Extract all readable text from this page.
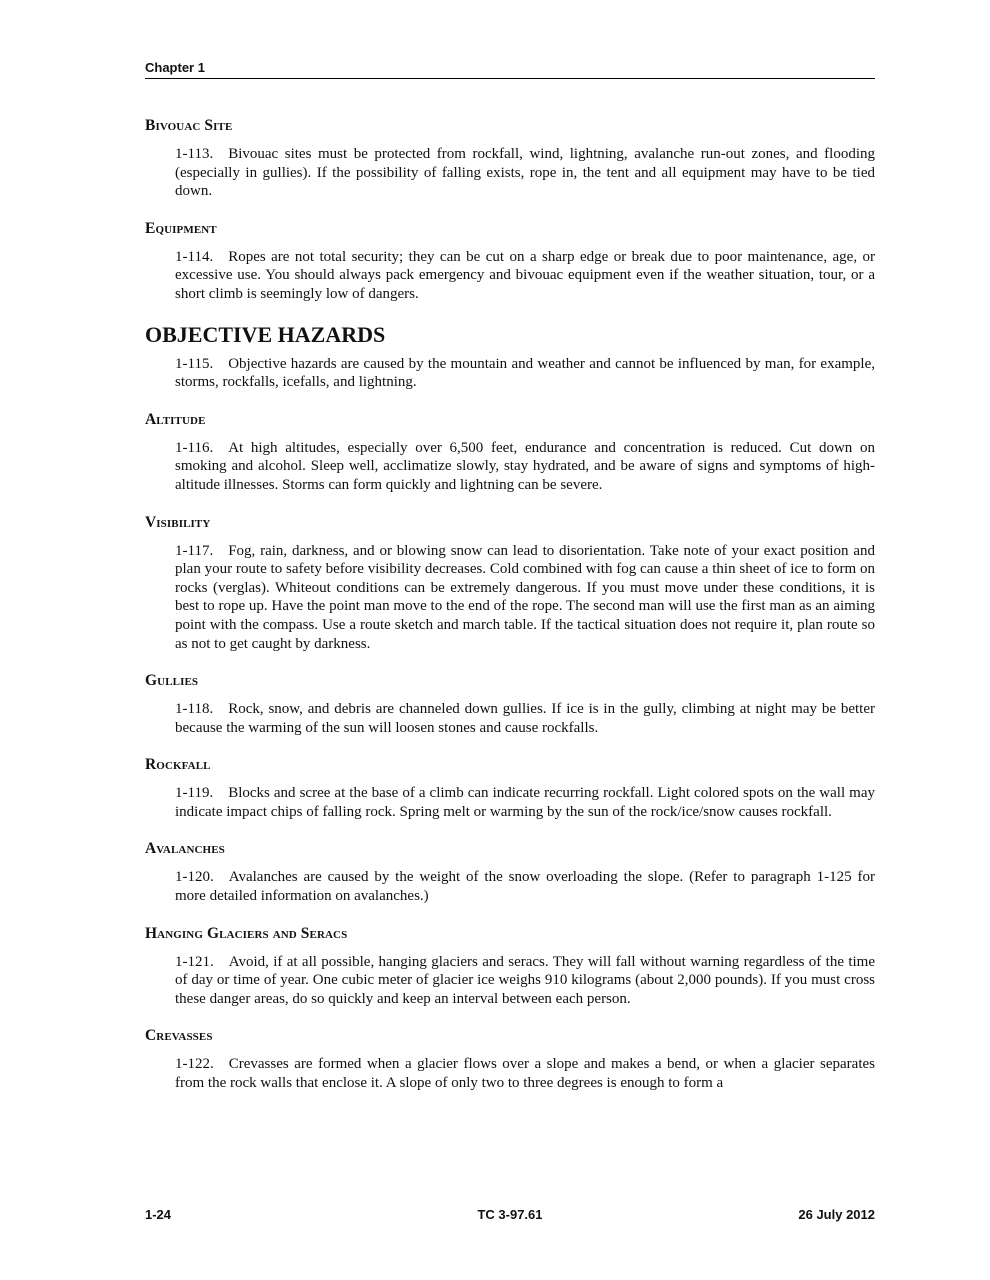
Chapter 1
Bivouac Site

1-113. Bivouac sites must be protected from rockfall, wind, lightning, avalanche run-out zones, and flooding (especially in gullies). If the possibility of falling exists, rope in, the tent and all equipment may have to be tied down.

Equipment

1-114. Ropes are not total security; they can be cut on a sharp edge or break due to poor maintenance, age, or excessive use. You should always pack emergency and bivouac equipment even if the weather situation, tour, or a short climb is seemingly low of dangers.

OBJECTIVE HAZARDS

1-115. Objective hazards are caused by the mountain and weather and cannot be influenced by man, for example, storms, rockfalls, icefalls, and lightning.

Altitude

1-116. At high altitudes, especially over 6,500 feet, endurance and concentration is reduced. Cut down on smoking and alcohol. Sleep well, acclimatize slowly, stay hydrated, and be aware of signs and symptoms of high-altitude illnesses. Storms can form quickly and lightning can be severe.

Visibility

1-117. Fog, rain, darkness, and or blowing snow can lead to disorientation. Take note of your exact position and plan your route to safety before visibility decreases. Cold combined with fog can cause a thin sheet of ice to form on rocks (verglas). Whiteout conditions can be extremely dangerous. If you must move under these conditions, it is best to rope up. Have the point man move to the end of the rope. The second man will use the first man as an aiming point with the compass. Use a route sketch and march table. If the tactical situation does not require it, plan route so as not to get caught by darkness.

Gullies

1-118. Rock, snow, and debris are channeled down gullies. If ice is in the gully, climbing at night may be better because the warming of the sun will loosen stones and cause rockfalls.

Rockfall

1-119. Blocks and scree at the base of a climb can indicate recurring rockfall. Light colored spots on the wall may indicate impact chips of falling rock. Spring melt or warming by the sun of the rock/ice/snow causes rockfall.

Avalanches

1-120. Avalanches are caused by the weight of the snow overloading the slope. (Refer to paragraph 1-125 for more detailed information on avalanches.)

Hanging Glaciers and Seracs

1-121. Avoid, if at all possible, hanging glaciers and seracs. They will fall without warning regardless of the time of day or time of year. One cubic meter of glacier ice weighs 910 kilograms (about 2,000 pounds). If you must cross these danger areas, do so quickly and keep an interval between each person.

Crevasses

1-122. Crevasses are formed when a glacier flows over a slope and makes a bend, or when a glacier separates from the rock walls that enclose it. A slope of only two to three degrees is enough to form a

1-24	TC 3-97.61	26 July 2012
